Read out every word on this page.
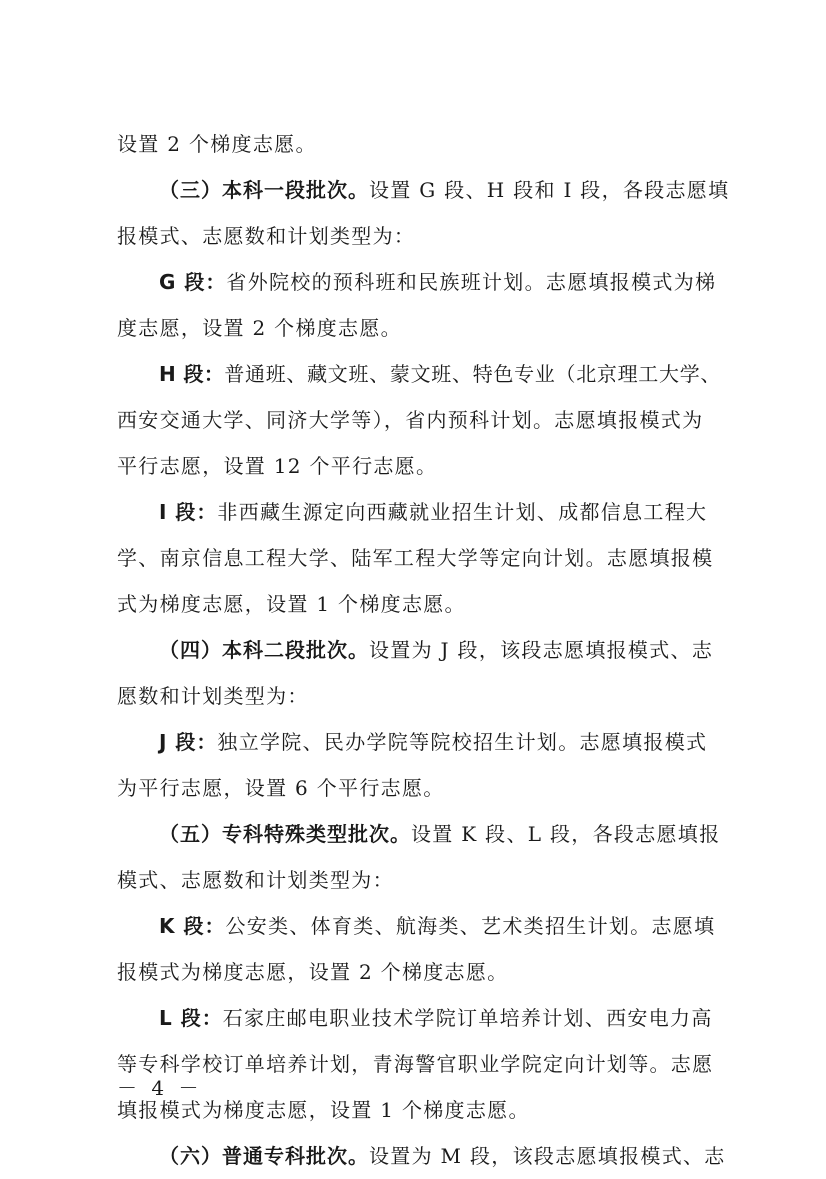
设置 2 个梯度志愿。
（三）本科一段批次。设置 G 段、H 段和 I 段，各段志愿填
报模式、志愿数和计划类型为：
G 段：省外院校的预科班和民族班计划。志愿填报模式为梯
度志愿，设置 2 个梯度志愿。
H 段：普通班、藏文班、蒙文班、特色专业（北京理工大学、
西安交通大学、同济大学等），省内预科计划。志愿填报模式为
平行志愿，设置 12 个平行志愿。
I 段：非西藏生源定向西藏就业招生计划、成都信息工程大
学、南京信息工程大学、陆军工程大学等定向计划。志愿填报模
式为梯度志愿，设置 1 个梯度志愿。
（四）本科二段批次。设置为 J 段，该段志愿填报模式、志
愿数和计划类型为：
J 段：独立学院、民办学院等院校招生计划。志愿填报模式
为平行志愿，设置 6 个平行志愿。
（五）专科特殊类型批次。设置 K 段、L 段，各段志愿填报
模式、志愿数和计划类型为：
K 段：公安类、体育类、航海类、艺术类招生计划。志愿填
报模式为梯度志愿，设置 2 个梯度志愿。
L 段：石家庄邮电职业技术学院订单培养计划、西安电力高
等专科学校订单培养计划，青海警官职业学院定向计划等。志愿
填报模式为梯度志愿，设置 1 个梯度志愿。
（六）普通专科批次。设置为 M 段，该段志愿填报模式、志
－ 4 －
